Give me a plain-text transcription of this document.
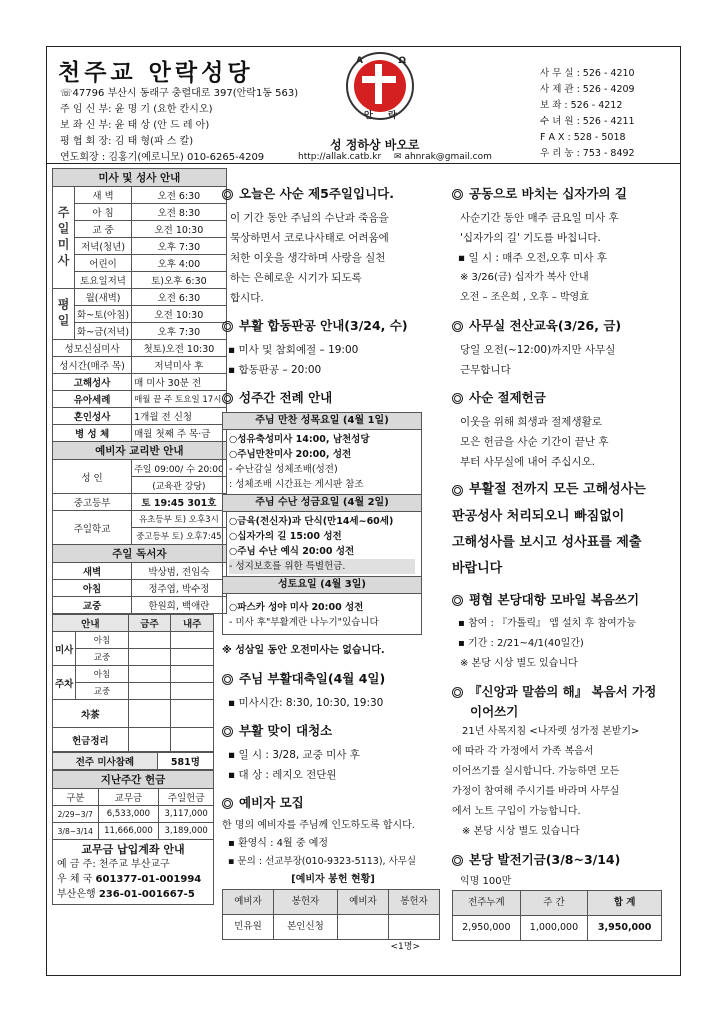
천주교 안락성당
☏47796 부산시 동래구 충렬대로 397(안락1동 563)
주 임 신 부: 윤 명 기 (요한 칸시오)
보 좌 신 부: 윤 태 상 (안 드 레 아)
평 협 회 장: 김 태 형(파 스 칼)
연도회장 : 김홍기(예로니모) 010-6265-4209
A	Ω
안 락
성 정하상 바오로
http://allak.catb.kr ✉ ahnrak@gmail.com
사 무 실 : 526 - 4210
사 제 관 : 526 - 4209
보 좌 : 526 - 4212
수 녀 원 : 526 - 4211
F A X : 528 - 5018
우 리 농 : 753 - 8492
미사 및 성사 안내		
주일미사	새 벽	오전 6:30
	아 침	오전 8:30
	교 중	오전 10:30
	저녁(청년)	오후 7:30
	어린이	오후 4:00
	토요일저녁	토)오후 6:30
평일	월(새벽)	오전 6:30
	화~토(아침)	오전 10:30
	화~금(저녁)	오후 7:30
성모신심미사		첫토)오전 10:30
성시간(매주 목)		저녁미사 후
고해성사		매 미사 30분 전
유아세례		매월 끝 주 토요일 17시
혼인성사		1개월 전 신청
병 성 체		매월 첫째 주 목·금
예비자 교리반 안내		
성 인		주일 09:00/ 수 20:00
		(교육관 강당)
중고등부		토 19:45 301호
주일학교		유초등부 토) 오후3시
		중고등부 토) 오후7:45
주일 독서자		
새벽		박상범, 전임숙
아침		정주엽, 박수정
교중		한원희, 백애란
안내		금주	내주
미사	아침		
	교중		
주차	아침		
	교중		
차茶			
헌금정리			
전주 미사참례	581명
지난주간 헌금		
구분	교무금	주일헌금
2/29~3/7	6,533,000	3,117,000
3/8~3/14	11,666,000	3,189,000
교무금 납입계좌 안내
예 금 주: 천주교 부산교구
우 체 국 601377-01-001994
부산은행 236-01-001667-5
오늘은 사순 제5주일입니다.
이 기간 동안 주님의 수난과 죽음을
묵상하면서 코로나사태로 어려움에
처한 이웃을 생각하며 사랑을 실천
하는 은혜로운 시기가 되도록
합시다.
부활 합동판공 안내(3/24, 수)
▪ 미사 및 참회예절 – 19:00
▪ 합동판공 – 20:00
성주간 전례 안내
주님 만찬 성목요일 (4월 1일)
○성유축성미사 14:00, 남천성당
○주님만찬미사 20:00, 성전
- 수난감실 성체조배(성전)
: 성체조배 시간표는 게시판 참조
주님 수난 성금요일 (4월 2일)
○금육(전신자)과 단식(만14세~60세)
○십자가의 길 15:00 성전
○주님 수난 예식 20:00 성전
- 성지보호를 위한 특별헌금.
성토요일 (4월 3일)
○파스카 성야 미사 20:00 성전
- 미사 후"부활계란 나누기"있습니다
※ 성삼일 동안 오전미사는 없습니다.
주님 부활대축일(4월 4일)
▪ 미사시간: 8:30, 10:30, 19:30
부활 맞이 대청소
▪ 일 시 : 3/28, 교중 미사 후
▪ 대 상 : 레지오 전단원
예비자 모집
한 명의 예비자를 주님께 인도하도록 합시다.
▪ 환영식 : 4월 중 예정
▪ 문의 : 선교부장(010-9323-5113), 사무실
[예비자 봉헌 현황]
예비자	봉헌자	예비자	봉헌자
민유원	본인신청		
<1명>
공동으로 바치는 십자가의 길
사순기간 동안 매주 금요일 미사 후
'십자가의 길' 기도를 바칩니다.
▪ 일 시 : 매주 오전,오후 미사 후
※ 3/26(금) 십자가 복사 안내
오전 – 조은희 , 오후 – 박영효
사무실 전산교육(3/26, 금)
당일 오전(~12:00)까지만 사무실
근무합니다
사순 절제헌금
이웃을 위해 희생과 절제생활로
모은 헌금을 사순 기간이 끝난 후
부터 사무실에 내어 주십시오.
부활절 전까지 모든 고해성사는
판공성사 처리되오니 빠짐없이
고해성사를 보시고 성사표를 제출
바랍니다
평협 본당대항 모바일 복음쓰기
▪ 참여 : 『가톨릭』 앱 설치 후 참여가능
▪ 기간 : 2/21~4/1(40일간)
※ 본당 시상 별도 있습니다
『신앙과 말씀의 해』 복음서 가정
이어쓰기
21년 사목지침 <나자렛 성가정 본받기>
에 따라 각 가정에서 가족 복음서
이어쓰기를 실시합니다. 가능하면 모든
가정이 참여해 주시기를 바라며 사무실
에서 노트 구입이 가능합니다.
※ 본당 시상 별도 있습니다
본당 발전기금(3/8~3/14)
익명 100만
전주누계	주 간	합 계
2,950,000	1,000,000	3,950,000
